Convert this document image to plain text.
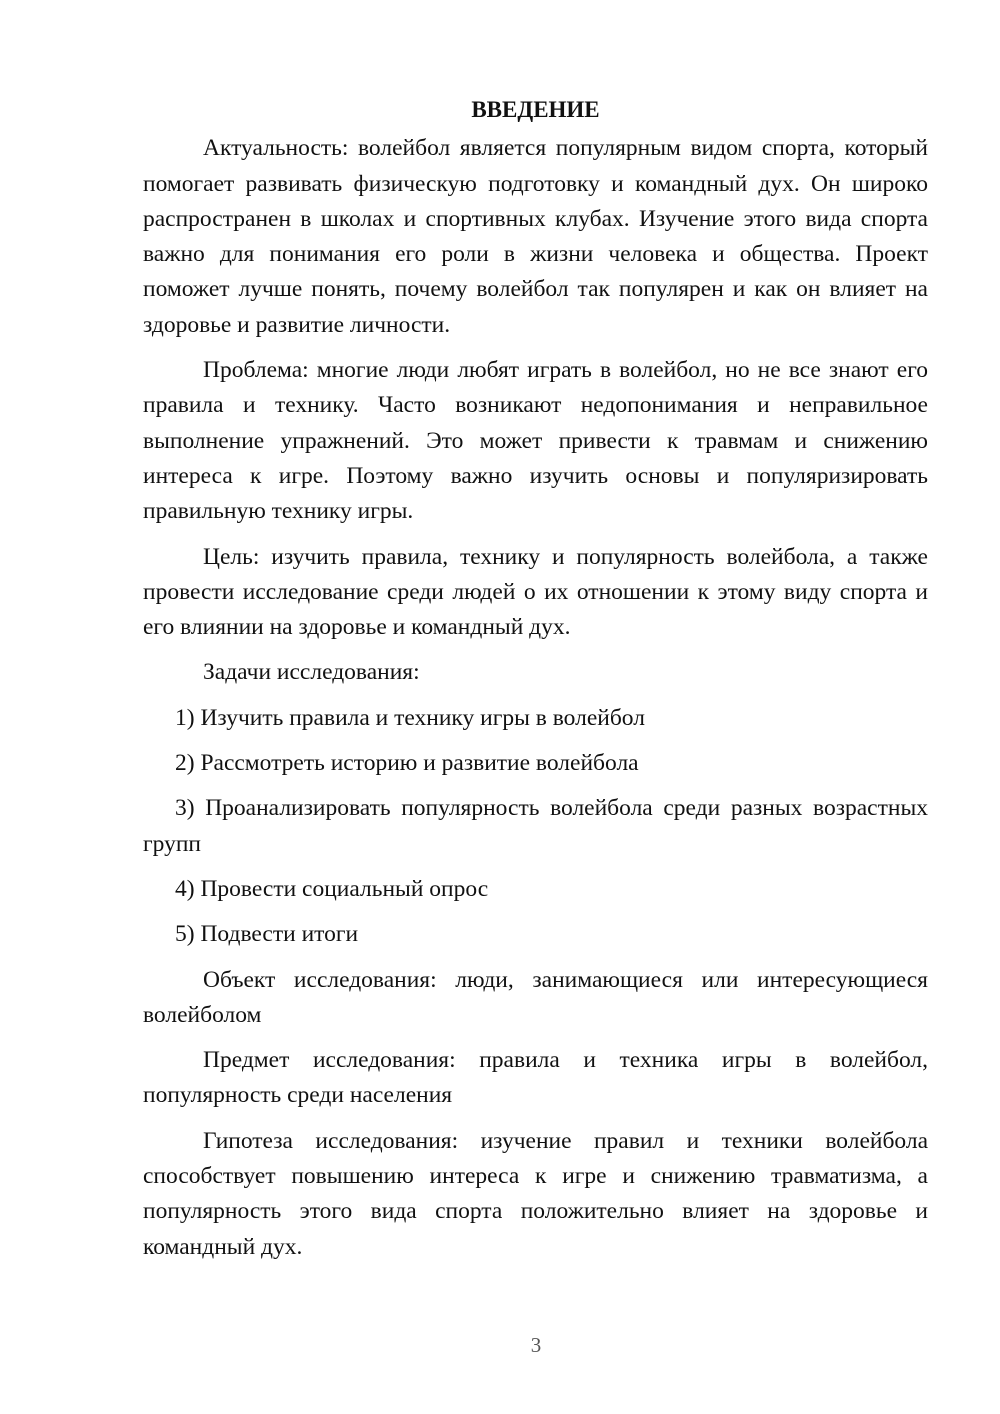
ВВЕДЕНИЕ

Актуальность: волейбол является популярным видом спорта, который помогает развивать физическую подготовку и командный дух. Он широко распространен в школах и спортивных клубах. Изучение этого вида спорта важно для понимания его роли в жизни человека и общества. Проект поможет лучше понять, почему волейбол так популярен и как он влияет на здоровье и развитие личности.

Проблема: многие люди любят играть в волейбол, но не все знают его правила и технику. Часто возникают недопонимания и неправильное выполнение упражнений. Это может привести к травмам и снижению интереса к игре. Поэтому важно изучить основы и популяризировать правильную технику игры.

Цель: изучить правила, технику и популярность волейбола, а также провести исследование среди людей о их отношении к этому виду спорта и его влиянии на здоровье и командный дух.

Задачи исследования:

1) Изучить правила и технику игры в волейбол

2) Рассмотреть историю и развитие волейбола

3) Проанализировать популярность волейбола среди разных возрастных групп

4) Провести социальный опрос

5) Подвести итоги

Объект исследования: люди, занимающиеся или интересующиеся волейболом

Предмет исследования: правила и техника игры в волейбол, популярность среди населения

Гипотеза исследования: изучение правил и техники волейбола способствует повышению интереса к игре и снижению травматизма, а популярность этого вида спорта положительно влияет на здоровье и командный дух.

3
